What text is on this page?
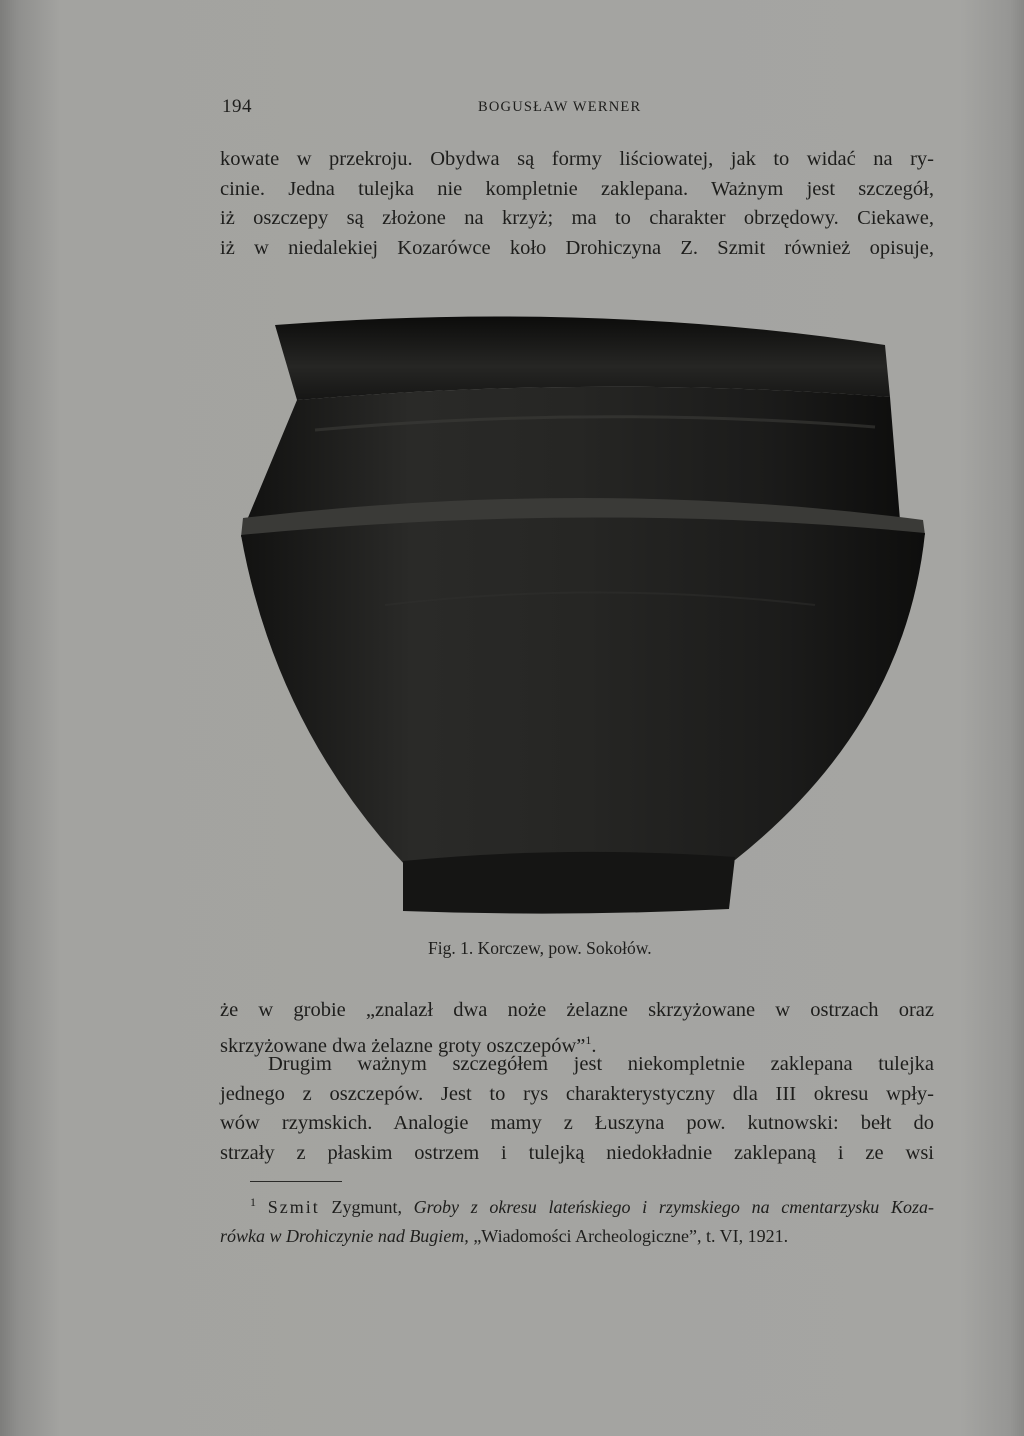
194	BOGUSŁAW WERNER
kowate w przekroju. Obydwa są formy liściowatej, jak to widać na ry-
cinie. Jedna tulejka nie kompletnie zaklepana. Ważnym jest szczegół,
iż oszczepy są złożone na krzyż; ma to charakter obrzędowy. Ciekawe,
iż w niedalekiej Kozarówce koło Drohiczyna Z. Szmit również opisuje,
Fig. 1. Korczew, pow. Sokołów.
że w grobie „znalazł dwa noże żelazne skrzyżowane w ostrzach oraz
skrzyżowane dwa żelazne groty oszczepów”$^1$.
Drugim ważnym szczegółem jest niekompletnie zaklepana tulejka
jednego z oszczepów. Jest to rys charakterystyczny dla III okresu wpły-
wów rzymskich. Analogie mamy z Łuszyna pow. kutnowski: bełt do
strzały z płaskim ostrzem i tulejką niedokładnie zaklepaną i ze wsi
$^1$ Szmit Zygmunt, Groby z okresu lateńskiego i rzymskiego na cmentarzysku Koza-
rówka w Drohiczynie nad Bugiem, „Wiadomości Archeologiczne”, t. VI, 1921.
